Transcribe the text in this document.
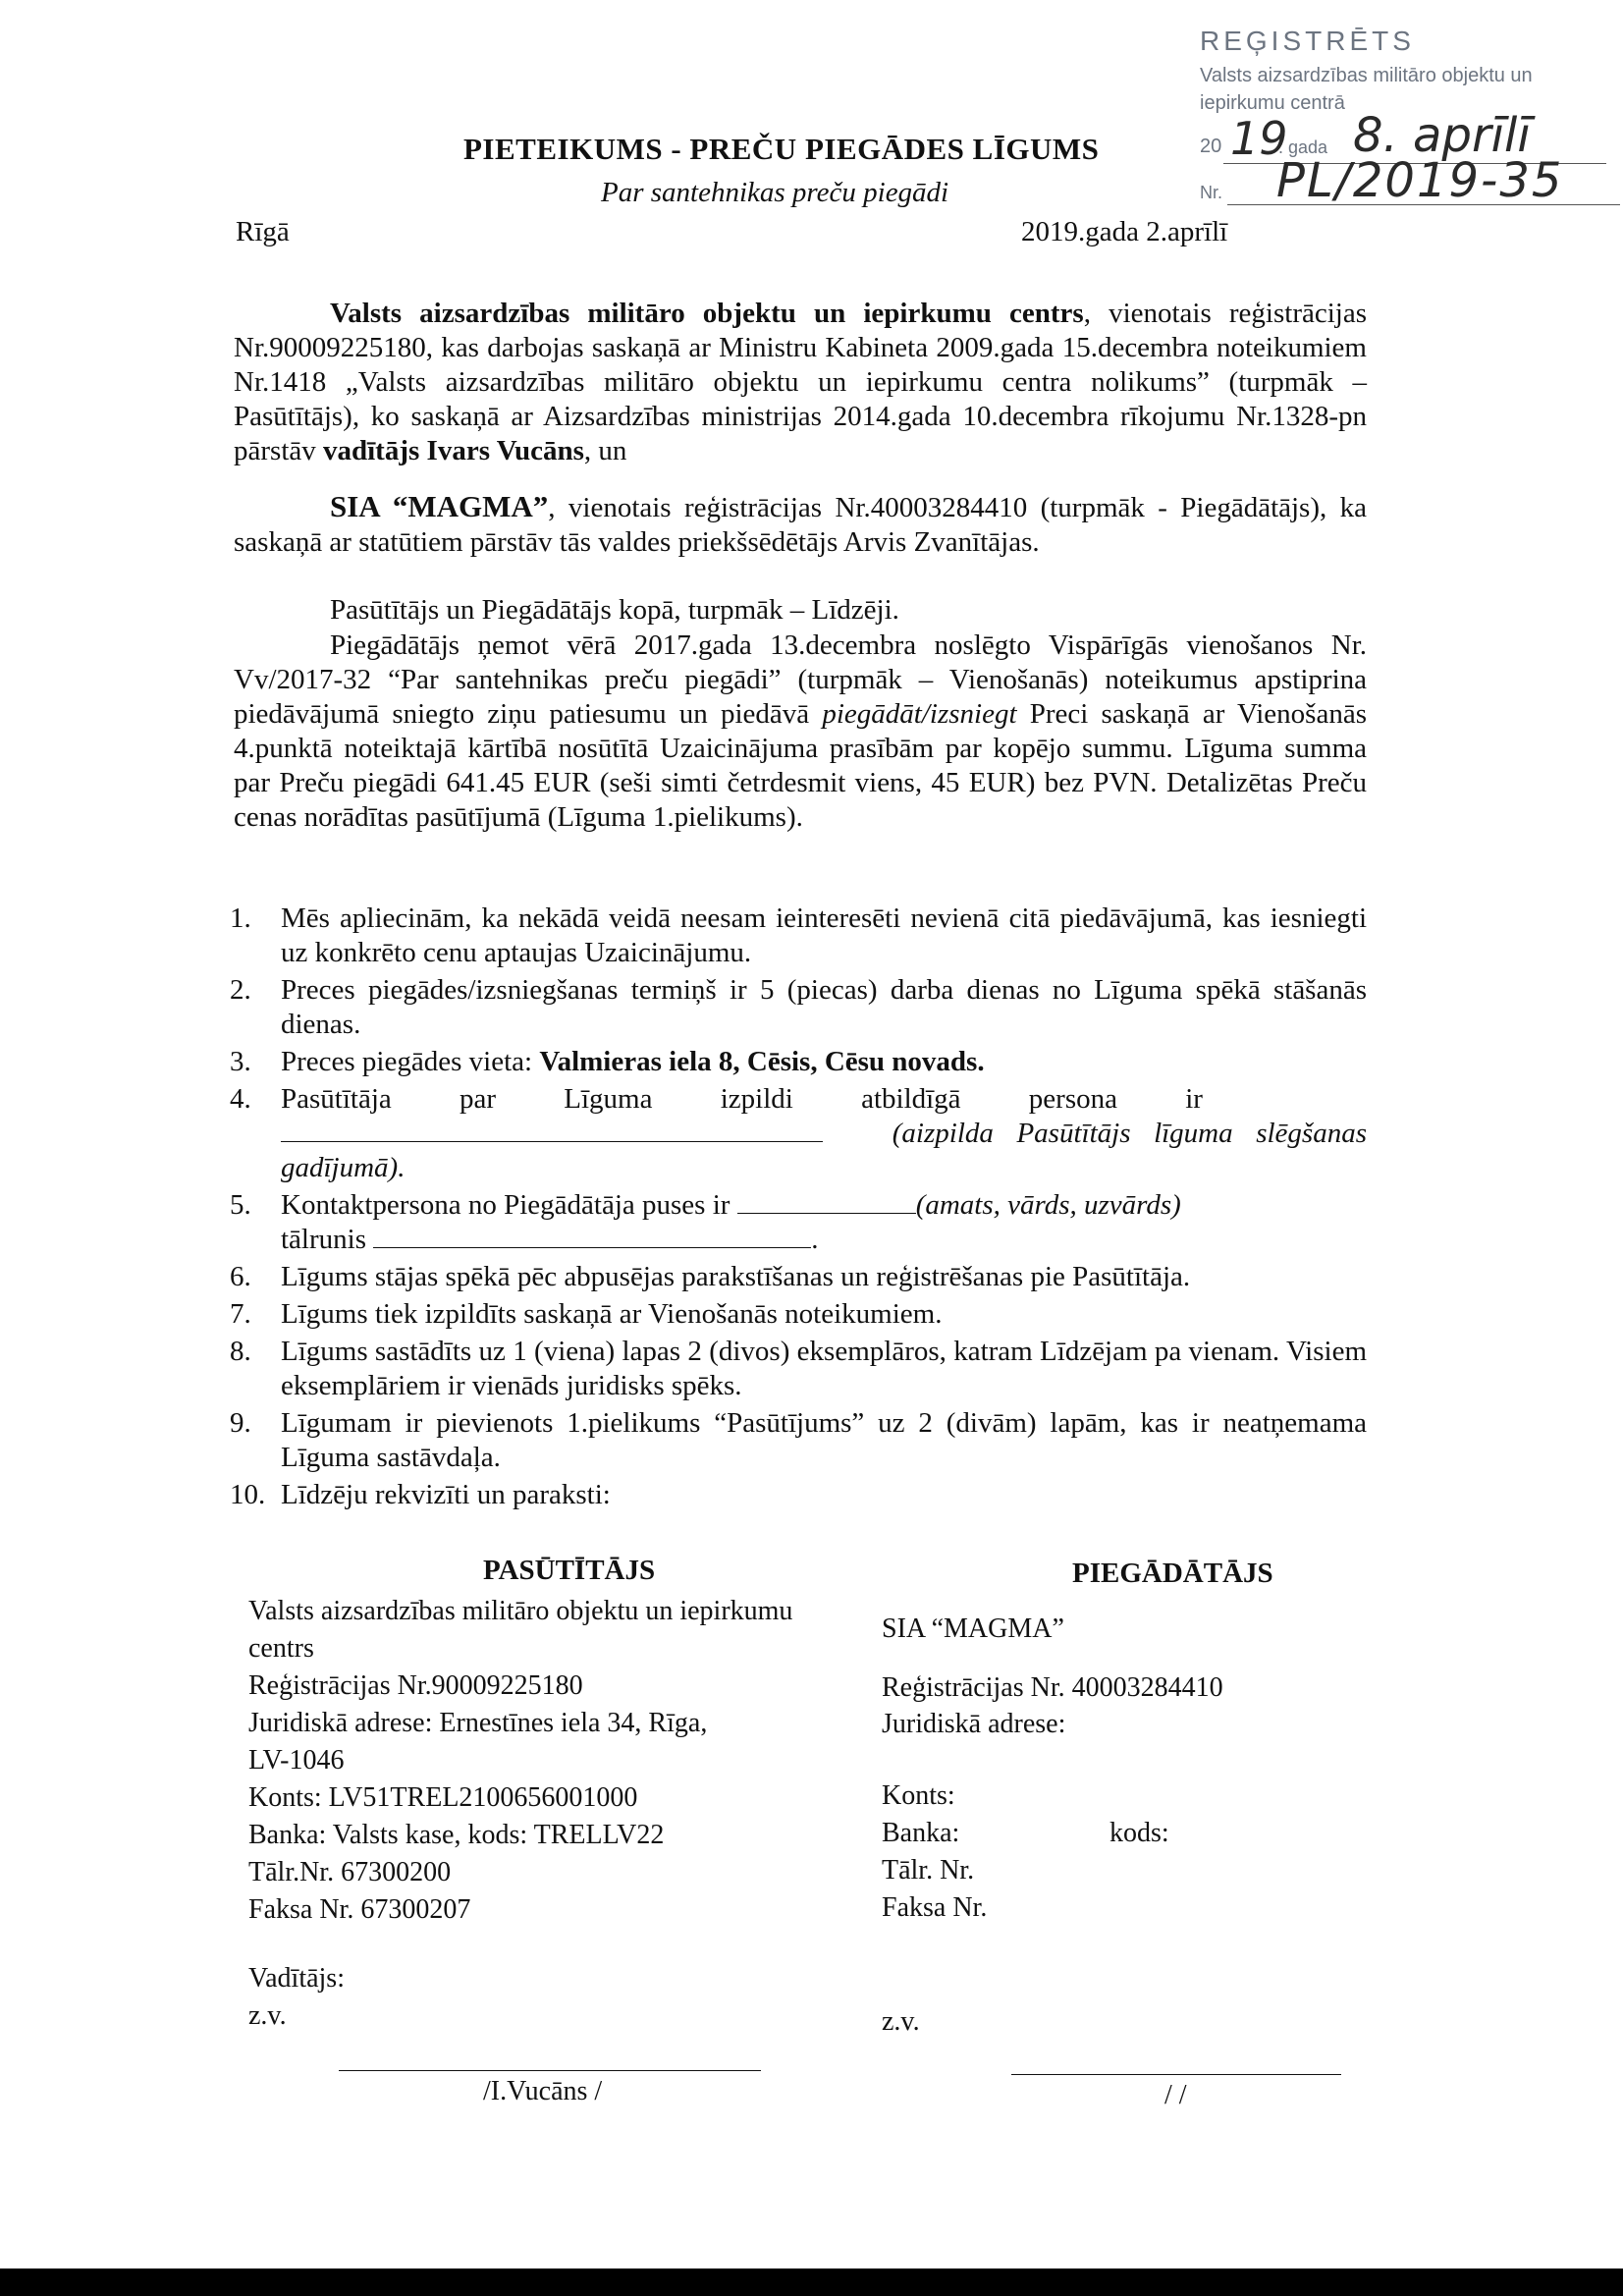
REĢISTRĒTS
Valsts aizsardzības militāro objektu un
iepirkumu centrā
20	. gada
Nr.
19 8. aprīlī
PL/2019-35
PIETEIKUMS - PREČU PIEGĀDES LĪGUMS
Par santehnikas preču piegādi
Rīgā	2019.gada 2.aprīlī

Valsts aizsardzības militāro objektu un iepirkumu centrs, vienotais reģistrācijas Nr.90009225180, kas darbojas saskaņā ar Ministru Kabineta 2009.gada 15.decembra noteikumiem Nr.1418 „Valsts aizsardzības militāro objektu un iepirkumu centra nolikums” (turpmāk – Pasūtītājs), ko saskaņā ar Aizsardzības ministrijas 2014.gada 10.decembra rīkojumu Nr.1328-pn pārstāv vadītājs Ivars Vucāns, un

SIA “MAGMA”, vienotais reģistrācijas Nr.40003284410 (turpmāk - Piegādātājs), ka saskaņā ar statūtiem pārstāv tās valdes priekšsēdētājs Arvis Zvanītājas.

Pasūtītājs un Piegādātājs kopā, turpmāk – Līdzēji.

Piegādātājs ņemot vērā 2017.gada 13.decembra noslēgto Vispārīgās vienošanos Nr. Vv/2017-32 “Par santehnikas preču piegādi” (turpmāk – Vienošanās) noteikumus apstiprina piedāvājumā sniegto ziņu patiesumu un piedāvā piegādāt/izsniegt Preci saskaņā ar Vienošanās 4.punktā noteiktajā kārtībā nosūtītā Uzaicinājuma prasībām par kopējo summu. Līguma summa par Preču piegādi 641.45 EUR (seši simti četrdesmit viens, 45 EUR) bez PVN. Detalizētas Preču cenas norādītas pasūtījumā (Līguma 1.pielikums).

1.	Mēs apliecinām, ka nekādā veidā neesam ieinteresēti nevienā citā piedāvājumā, kas iesniegti uz konkrēto cenu aptaujas Uzaicinājumu.
2.	Preces piegādes/izsniegšanas termiņš ir 5 (piecas) darba dienas no Līguma spēkā stāšanās dienas.
3.	Preces piegādes vieta: Valmieras iela 8, Cēsis, Cēsu novads.
4.	Pasūtītāja par Līguma izpildi atbildīgā persona ir
(aizpilda Pasūtītājs līguma slēgšanas gadījumā).
5.	Kontaktpersona no Piegādātāja puses ir	(amats, vārds, uzvārds)
tālrunis	.
6.	Līgums stājas spēkā pēc abpusējas parakstīšanas un reģistrēšanas pie Pasūtītāja.
7.	Līgums tiek izpildīts saskaņā ar Vienošanās noteikumiem.
8.	Līgums sastādīts uz 1 (viena) lapas 2 (divos) eksemplāros, katram Līdzējam pa vienam. Visiem eksemplāriem ir vienāds juridisks spēks.
9.	Līgumam ir pievienots 1.pielikums “Pasūtījums” uz 2 (divām) lapām, kas ir neatņemama Līguma sastāvdaļa.
10. Līdzēju rekvizīti un paraksti:
PASŪTĪTĀJS
Valsts aizsardzības militāro objektu un iepirkumu
centrs
Reģistrācijas Nr.90009225180
Juridiskā adrese: Ernestīnes iela 34, Rīga,
LV-1046
Konts: LV51TREL2100656001000
Banka: Valsts kase, kods: TRELLV22
Tālr.Nr. 67300200
Faksa Nr. 67300207
Vadītājs:
z.v.
/I.Vucāns /
PIEGĀDĀTĀJS
SIA “MAGMA”
Reģistrācijas Nr. 40003284410
Juridiskā adrese:
Konts:
Banka:	kods:
Tālr. Nr.
Faksa Nr.
z.v.
/ /
